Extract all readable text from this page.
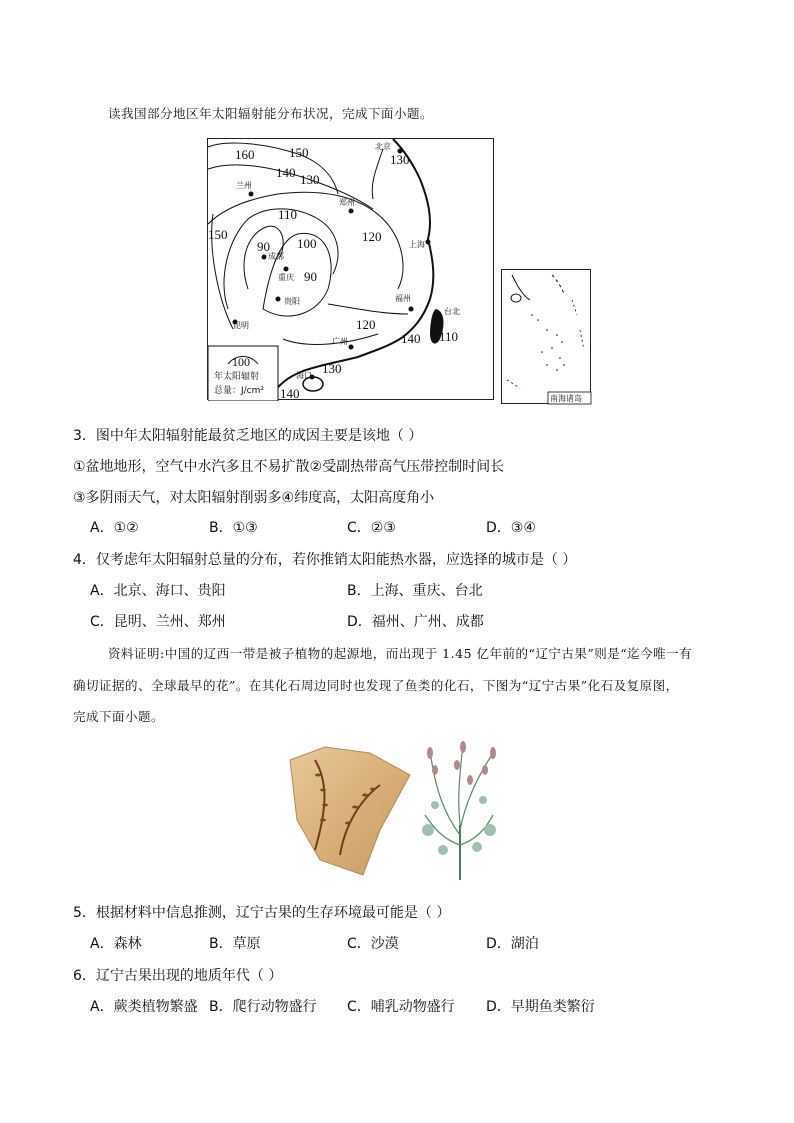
读我国部分地区年太阳辐射能分布状况，完成下面小题。
160	150
140 130
110
150
90 100
90
120
130
120
140 110
130
140
北京
兰州
郑州
上海
成都
重庆
贵阳
昆明
福州
台北
广州
海口
100
年太阳辐射
总量：J/cm²
南海诸岛
3．图中年太阳辐射能最贫乏地区的成因主要是该地（ ）
①盆地地形，空气中水汽多且不易扩散②受副热带高气压带控制时间长
③多阴雨天气，对太阳辐射削弱多④纬度高，太阳高度角小
A．①②	B．①③	C．②③	D．③④
4．仅考虑年太阳辐射总量的分布，若你推销太阳能热水器，应选择的城市是（ ）
A．北京、海口、贵阳	B．上海、重庆、台北
C．昆明、兰州、郑州	D．福州、广州、成都
资料证明:中国的辽西一带是被子植物的起源地，而出现于 1.45 亿年前的“辽宁古果”则是“迄今唯一有
确切证据的、全球最早的花”。在其化石周边同时也发现了鱼类的化石，下图为“辽宁古果”化石及复原图，
完成下面小题。
5．根据材料中信息推测，辽宁古果的生存环境最可能是（ ）
A．森林	B．草原	C．沙漠	D．湖泊
6．辽宁古果出现的地质年代（ ）
A．蕨类植物繁盛 B．爬行动物盛行 C．哺乳动物盛行 D．早期鱼类繁衍
